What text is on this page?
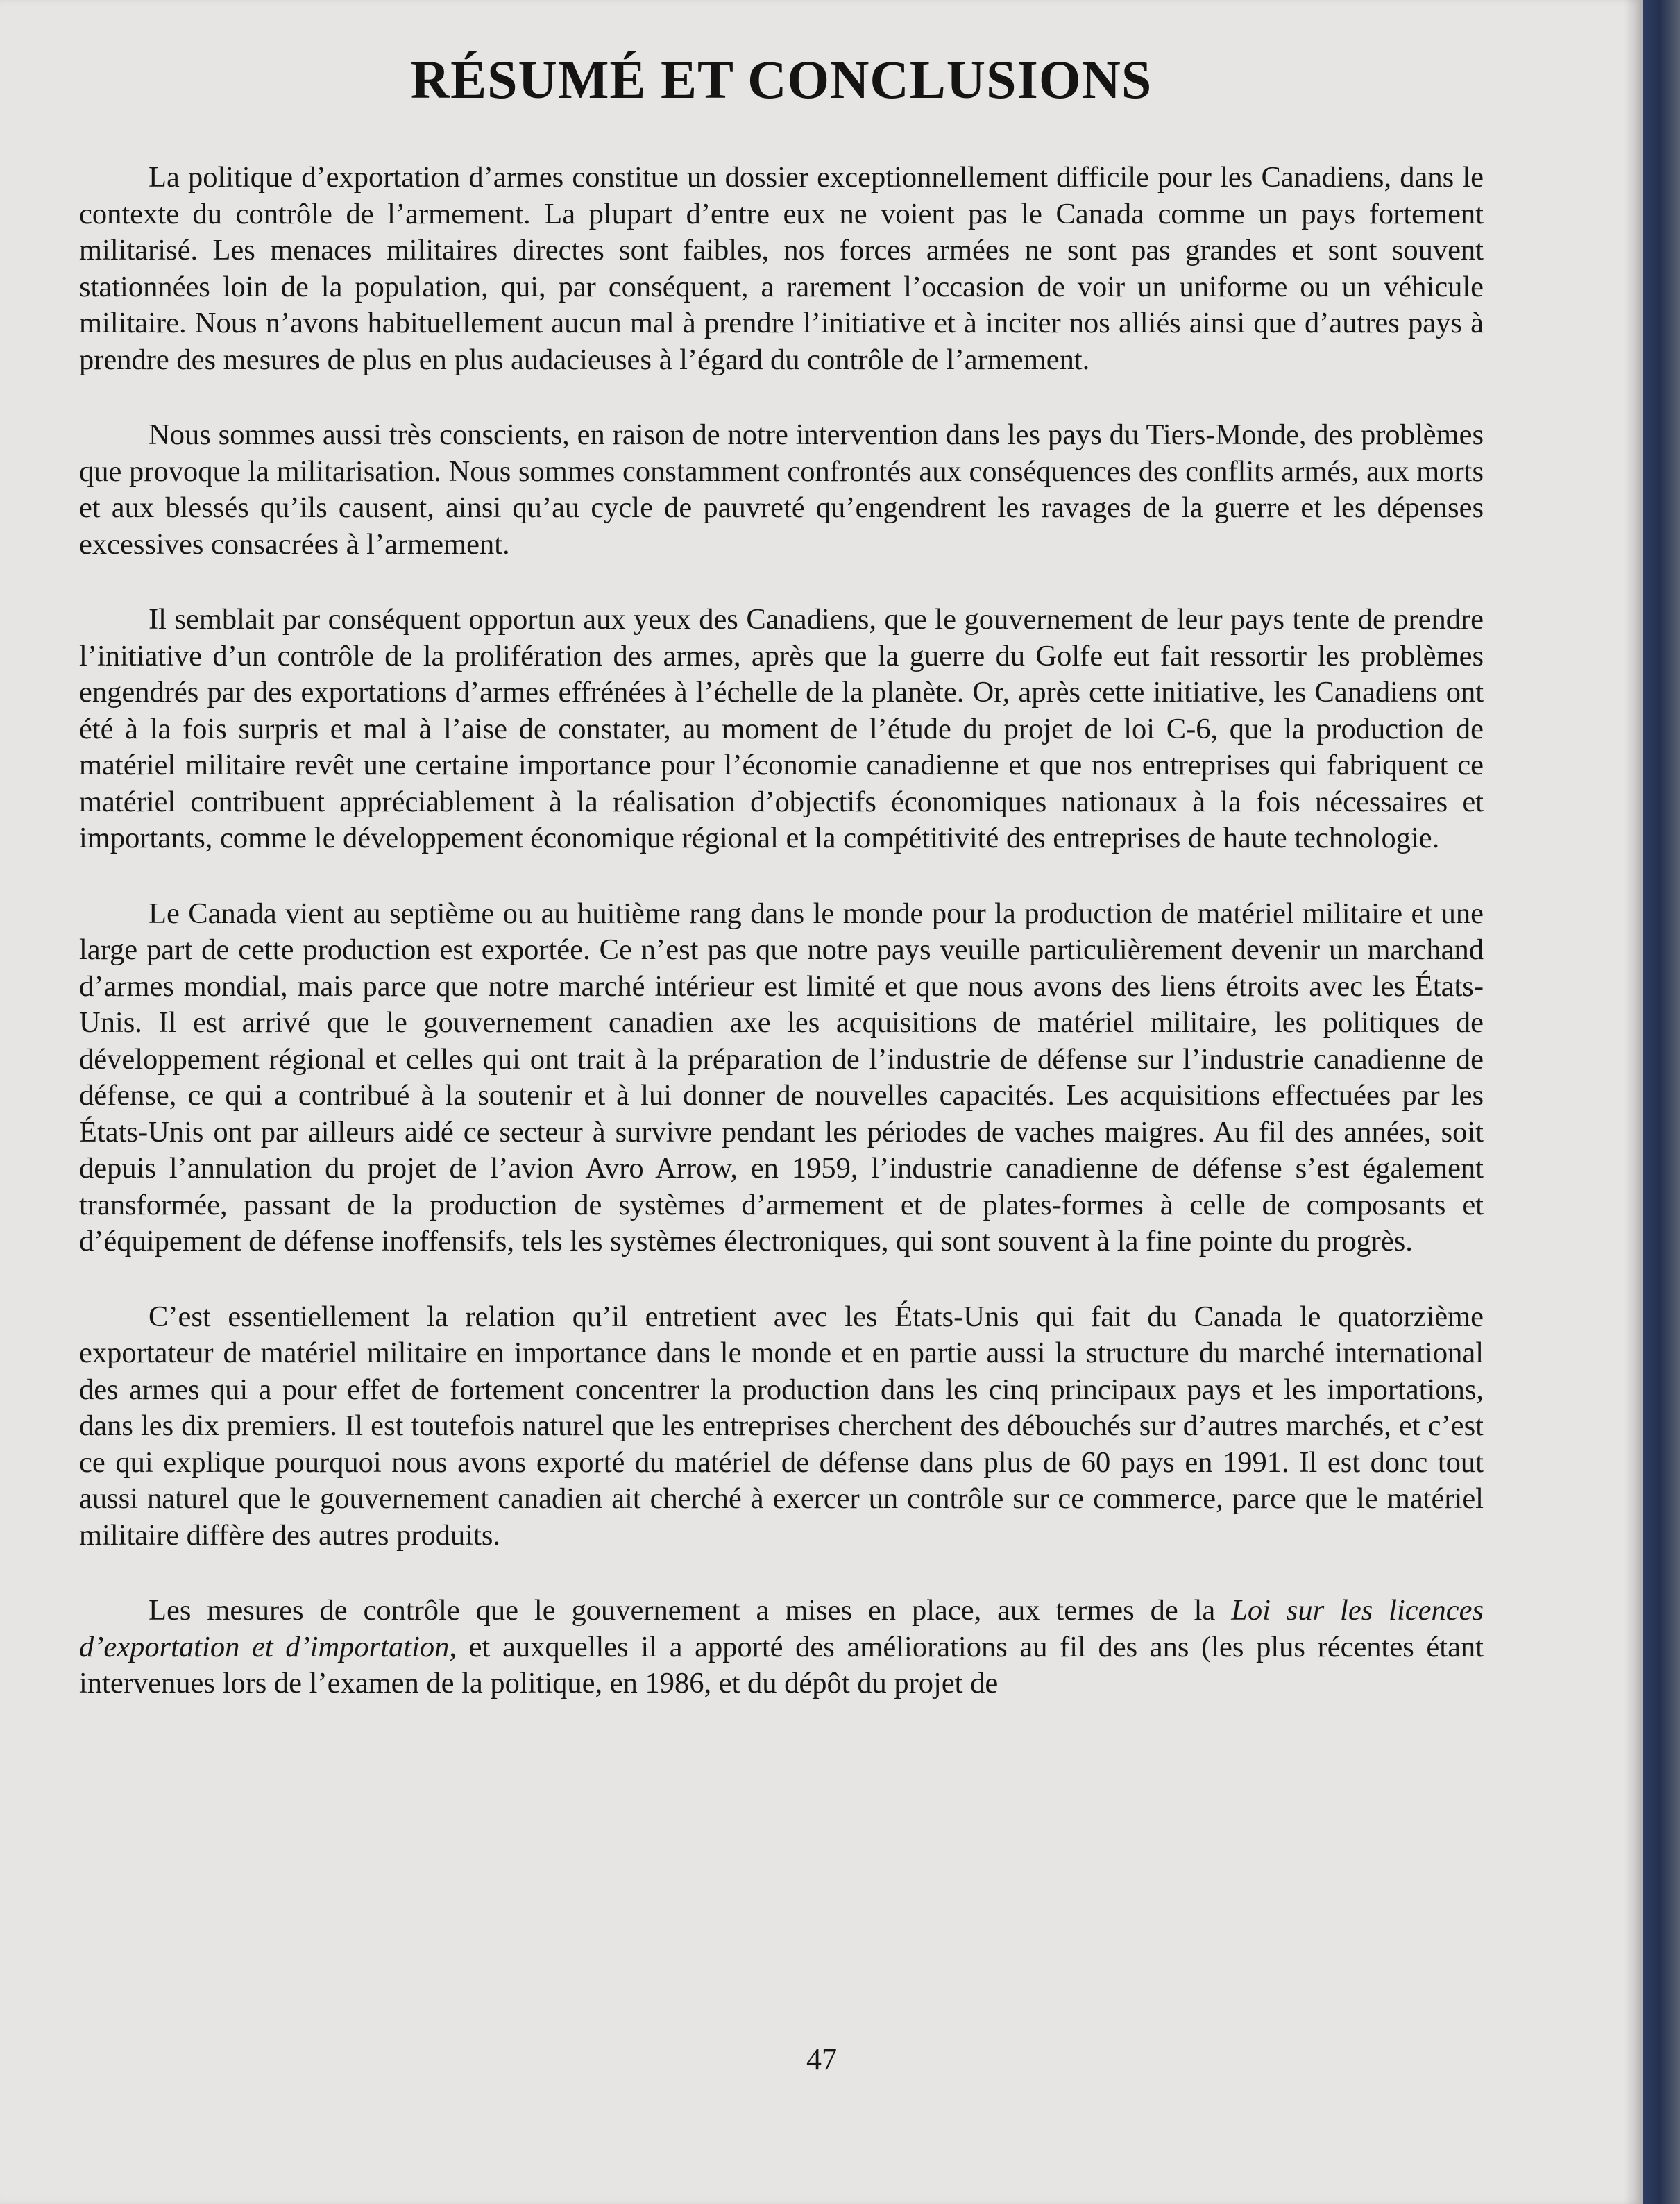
RÉSUMÉ ET CONCLUSIONS

La politique d’exportation d’armes constitue un dossier exceptionnellement difficile pour les Canadiens, dans le contexte du contrôle de l’armement. La plupart d’entre eux ne voient pas le Canada comme un pays fortement militarisé. Les menaces militaires directes sont faibles, nos forces armées ne sont pas grandes et sont souvent stationnées loin de la population, qui, par conséquent, a rarement l’occasion de voir un uniforme ou un véhicule militaire. Nous n’avons habituellement aucun mal à prendre l’initiative et à inciter nos alliés ainsi que d’autres pays à prendre des mesures de plus en plus audacieuses à l’égard du contrôle de l’armement.

Nous sommes aussi très conscients, en raison de notre intervention dans les pays du Tiers-Monde, des problèmes que provoque la militarisation. Nous sommes constamment confrontés aux conséquences des conflits armés, aux morts et aux blessés qu’ils causent, ainsi qu’au cycle de pauvreté qu’engendrent les ravages de la guerre et les dépenses excessives consacrées à l’armement.

Il semblait par conséquent opportun aux yeux des Canadiens, que le gouvernement de leur pays tente de prendre l’initiative d’un contrôle de la prolifération des armes, après que la guerre du Golfe eut fait ressortir les problèmes engendrés par des exportations d’armes effrénées à l’échelle de la planète. Or, après cette initiative, les Canadiens ont été à la fois surpris et mal à l’aise de constater, au moment de l’étude du projet de loi C-6, que la production de matériel militaire revêt une certaine importance pour l’économie canadienne et que nos entreprises qui fabriquent ce matériel contribuent appréciablement à la réalisation d’objectifs économiques nationaux à la fois nécessaires et importants, comme le développement économique régional et la compétitivité des entreprises de haute technologie.

Le Canada vient au septième ou au huitième rang dans le monde pour la production de matériel militaire et une large part de cette production est exportée. Ce n’est pas que notre pays veuille particulièrement devenir un marchand d’armes mondial, mais parce que notre marché intérieur est limité et que nous avons des liens étroits avec les États-Unis. Il est arrivé que le gouvernement canadien axe les acquisitions de matériel militaire, les politiques de développement régional et celles qui ont trait à la préparation de l’industrie de défense sur l’industrie canadienne de défense, ce qui a contribué à la soutenir et à lui donner de nouvelles capacités. Les acquisitions effectuées par les États-Unis ont par ailleurs aidé ce secteur à survivre pendant les périodes de vaches maigres. Au fil des années, soit depuis l’annulation du projet de l’avion Avro Arrow, en 1959, l’industrie canadienne de défense s’est également transformée, passant de la production de systèmes d’armement et de plates-formes à celle de composants et d’équipement de défense inoffensifs, tels les systèmes électroniques, qui sont souvent à la fine pointe du progrès.

C’est essentiellement la relation qu’il entretient avec les États-Unis qui fait du Canada le quatorzième exportateur de matériel militaire en importance dans le monde et en partie aussi la structure du marché international des armes qui a pour effet de fortement concentrer la production dans les cinq principaux pays et les importations, dans les dix premiers. Il est toutefois naturel que les entreprises cherchent des débouchés sur d’autres marchés, et c’est ce qui explique pourquoi nous avons exporté du matériel de défense dans plus de 60 pays en 1991. Il est donc tout aussi naturel que le gouvernement canadien ait cherché à exercer un contrôle sur ce commerce, parce que le matériel militaire diffère des autres produits.

Les mesures de contrôle que le gouvernement a mises en place, aux termes de la Loi sur les licences d’exportation et d’importation, et auxquelles il a apporté des améliorations au fil des ans (les plus récentes étant intervenues lors de l’examen de la politique, en 1986, et du dépôt du projet de

47
